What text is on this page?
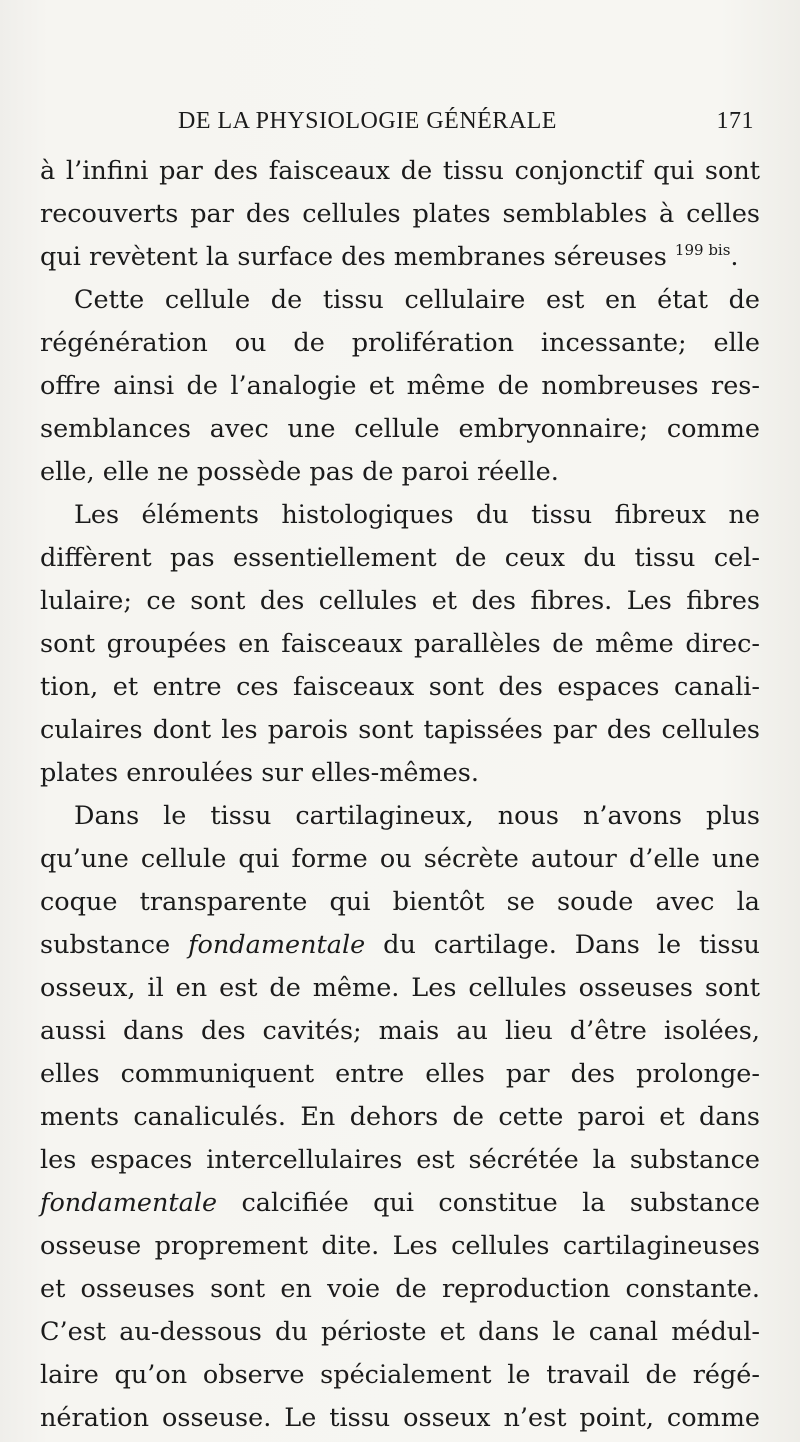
DE LA PHYSIOLOGIE GÉNÉRALE	171
à l’infini par des faisceaux de tissu conjonctif qui sont
recouverts par des cellules plates semblables à celles
qui revètent la surface des membranes séreuses $^{199 bis}$.
Cette cellule de tissu cellulaire est en état de
régénération ou de prolifération incessante; elle
offre ainsi de l’analogie et même de nombreuses res-
semblances avec une cellule embryonnaire; comme
elle, elle ne possède pas de paroi réelle.
Les éléments histologiques du tissu fibreux ne
diffèrent pas essentiellement de ceux du tissu cel-
lulaire; ce sont des cellules et des fibres. Les fibres
sont groupées en faisceaux parallèles de même direc-
tion, et entre ces faisceaux sont des espaces canali-
culaires dont les parois sont tapissées par des cellules
plates enroulées sur elles-mêmes.
Dans le tissu cartilagineux, nous n’avons plus
qu’une cellule qui forme ou sécrète autour d’elle une
coque transparente qui bientôt se soude avec la
substance fondamentale du cartilage. Dans le tissu
osseux, il en est de même. Les cellules osseuses sont
aussi dans des cavités; mais au lieu d’être isolées,
elles communiquent entre elles par des prolonge-
ments canaliculés. En dehors de cette paroi et dans
les espaces intercellulaires est sécrétée la substance
fondamentale calcifiée qui constitue la substance
osseuse proprement dite. Les cellules cartilagineuses
et osseuses sont en voie de reproduction constante.
C’est au-dessous du périoste et dans le canal médul-
laire qu’on observe spécialement le travail de régé-
nération osseuse. Le tissu osseux n’est point, comme
